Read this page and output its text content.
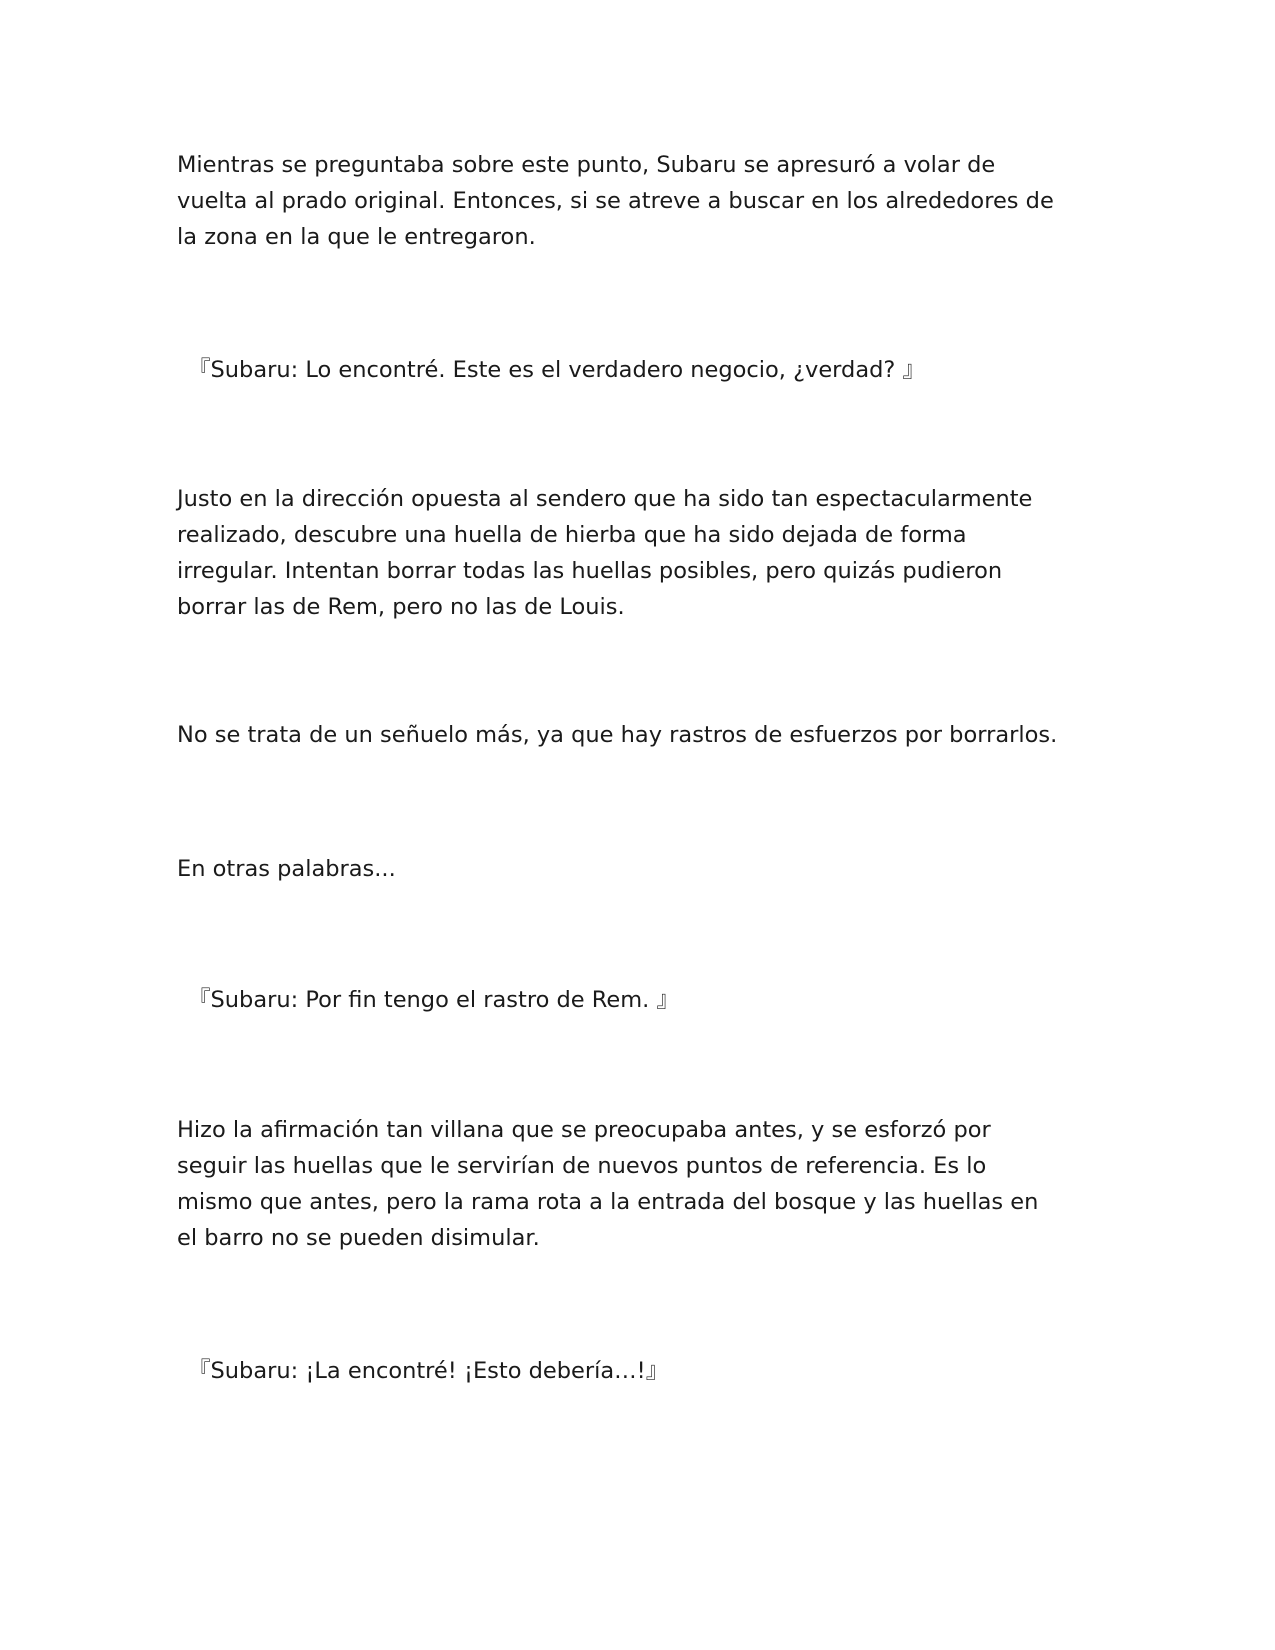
Mientras se preguntaba sobre este punto, Subaru se apresuró a volar de
vuelta al prado original. Entonces, si se atreve a buscar en los alrededores de
la zona en la que le entregaron.

『Subaru: Lo encontré. Este es el verdadero negocio, ¿verdad? 』

Justo en la dirección opuesta al sendero que ha sido tan espectacularmente
realizado, descubre una huella de hierba que ha sido dejada de forma
irregular. Intentan borrar todas las huellas posibles, pero quizás pudieron
borrar las de Rem, pero no las de Louis.

No se trata de un señuelo más, ya que hay rastros de esfuerzos por borrarlos.

En otras palabras...

『Subaru: Por fin tengo el rastro de Rem. 』

Hizo la afirmación tan villana que se preocupaba antes, y se esforzó por
seguir las huellas que le servirían de nuevos puntos de referencia. Es lo
mismo que antes, pero la rama rota a la entrada del bosque y las huellas en
el barro no se pueden disimular.

『Subaru: ¡La encontré! ¡Esto debería…!』
